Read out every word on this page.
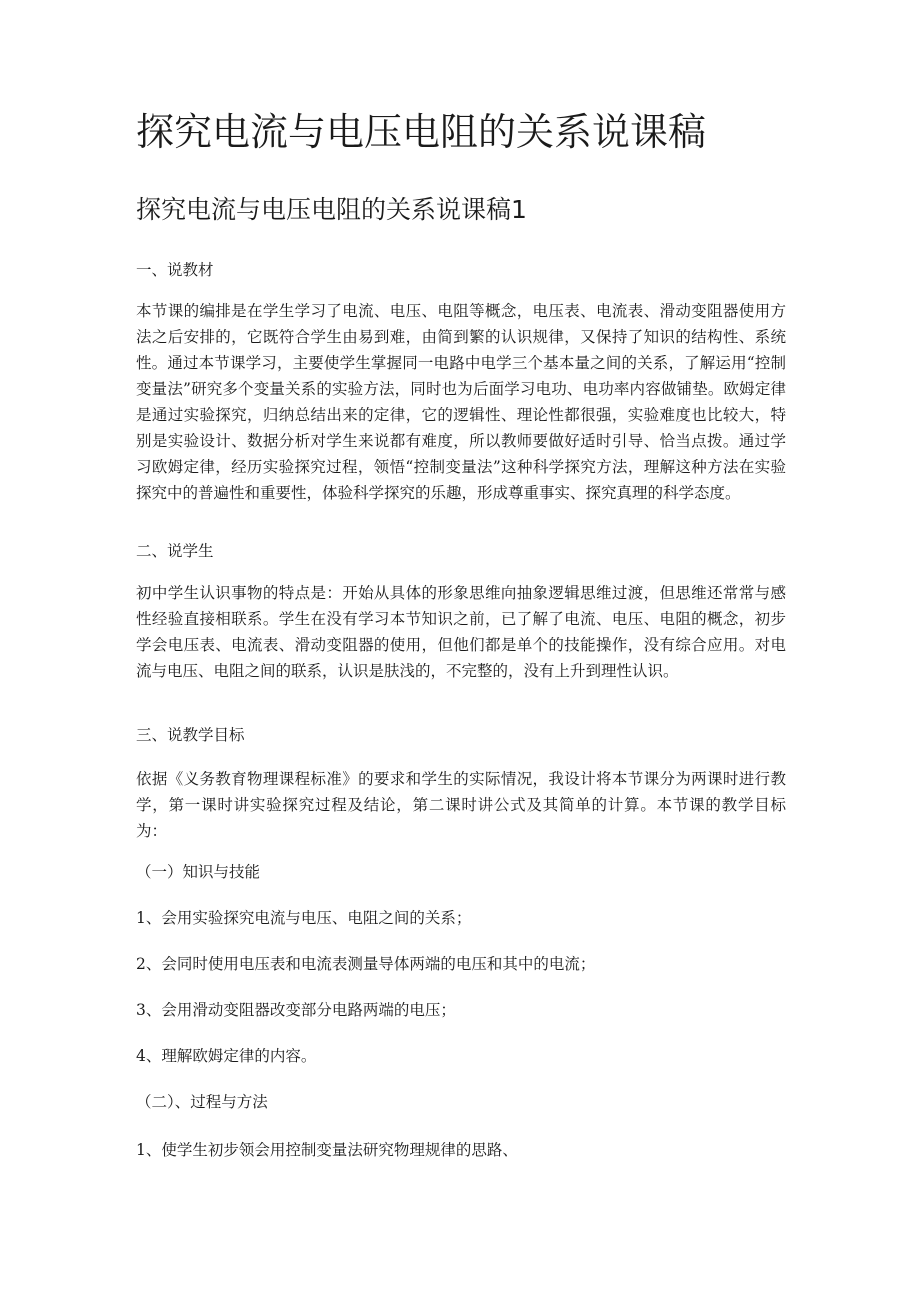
探究电流与电压电阻的关系说课稿
探究电流与电压电阻的关系说课稿1

一、说教材

本节课的编排是在学生学习了电流、电压、电阻等概念，电压表、电流表、滑动变阻器使用方法之后安排的，它既符合学生由易到难，由简到繁的认识规律，又保持了知识的结构性、系统性。通过本节课学习，主要使学生掌握同一电路中电学三个基本量之间的关系，了解运用“控制变量法”研究多个变量关系的实验方法，同时也为后面学习电功、电功率内容做铺垫。欧姆定律是通过实验探究，归纳总结出来的定律，它的逻辑性、理论性都很强，实验难度也比较大，特别是实验设计、数据分析对学生来说都有难度，所以教师要做好适时引导、恰当点拨。通过学习欧姆定律，经历实验探究过程，领悟“控制变量法”这种科学探究方法，理解这种方法在实验探究中的普遍性和重要性，体验科学探究的乐趣，形成尊重事实、探究真理的科学态度。

二、说学生

初中学生认识事物的特点是：开始从具体的形象思维向抽象逻辑思维过渡，但思维还常常与感性经验直接相联系。学生在没有学习本节知识之前，已了解了电流、电压、电阻的概念，初步学会电压表、电流表、滑动变阻器的使用，但他们都是单个的技能操作，没有综合应用。对电流与电压、电阻之间的联系，认识是肤浅的，不完整的，没有上升到理性认识。

三、说教学目标

依据《义务教育物理课程标准》的要求和学生的实际情况，我设计将本节课分为两课时进行教学，第一课时讲实验探究过程及结论，第二课时讲公式及其简单的计算。本节课的教学目标为：

（一）知识与技能

1、会用实验探究电流与电压、电阻之间的关系；

2、会同时使用电压表和电流表测量导体两端的电压和其中的电流；

3、会用滑动变阻器改变部分电路两端的电压；

4、理解欧姆定律的内容。

（二）、过程与方法

1、使学生初步领会用控制变量法研究物理规律的思路、
